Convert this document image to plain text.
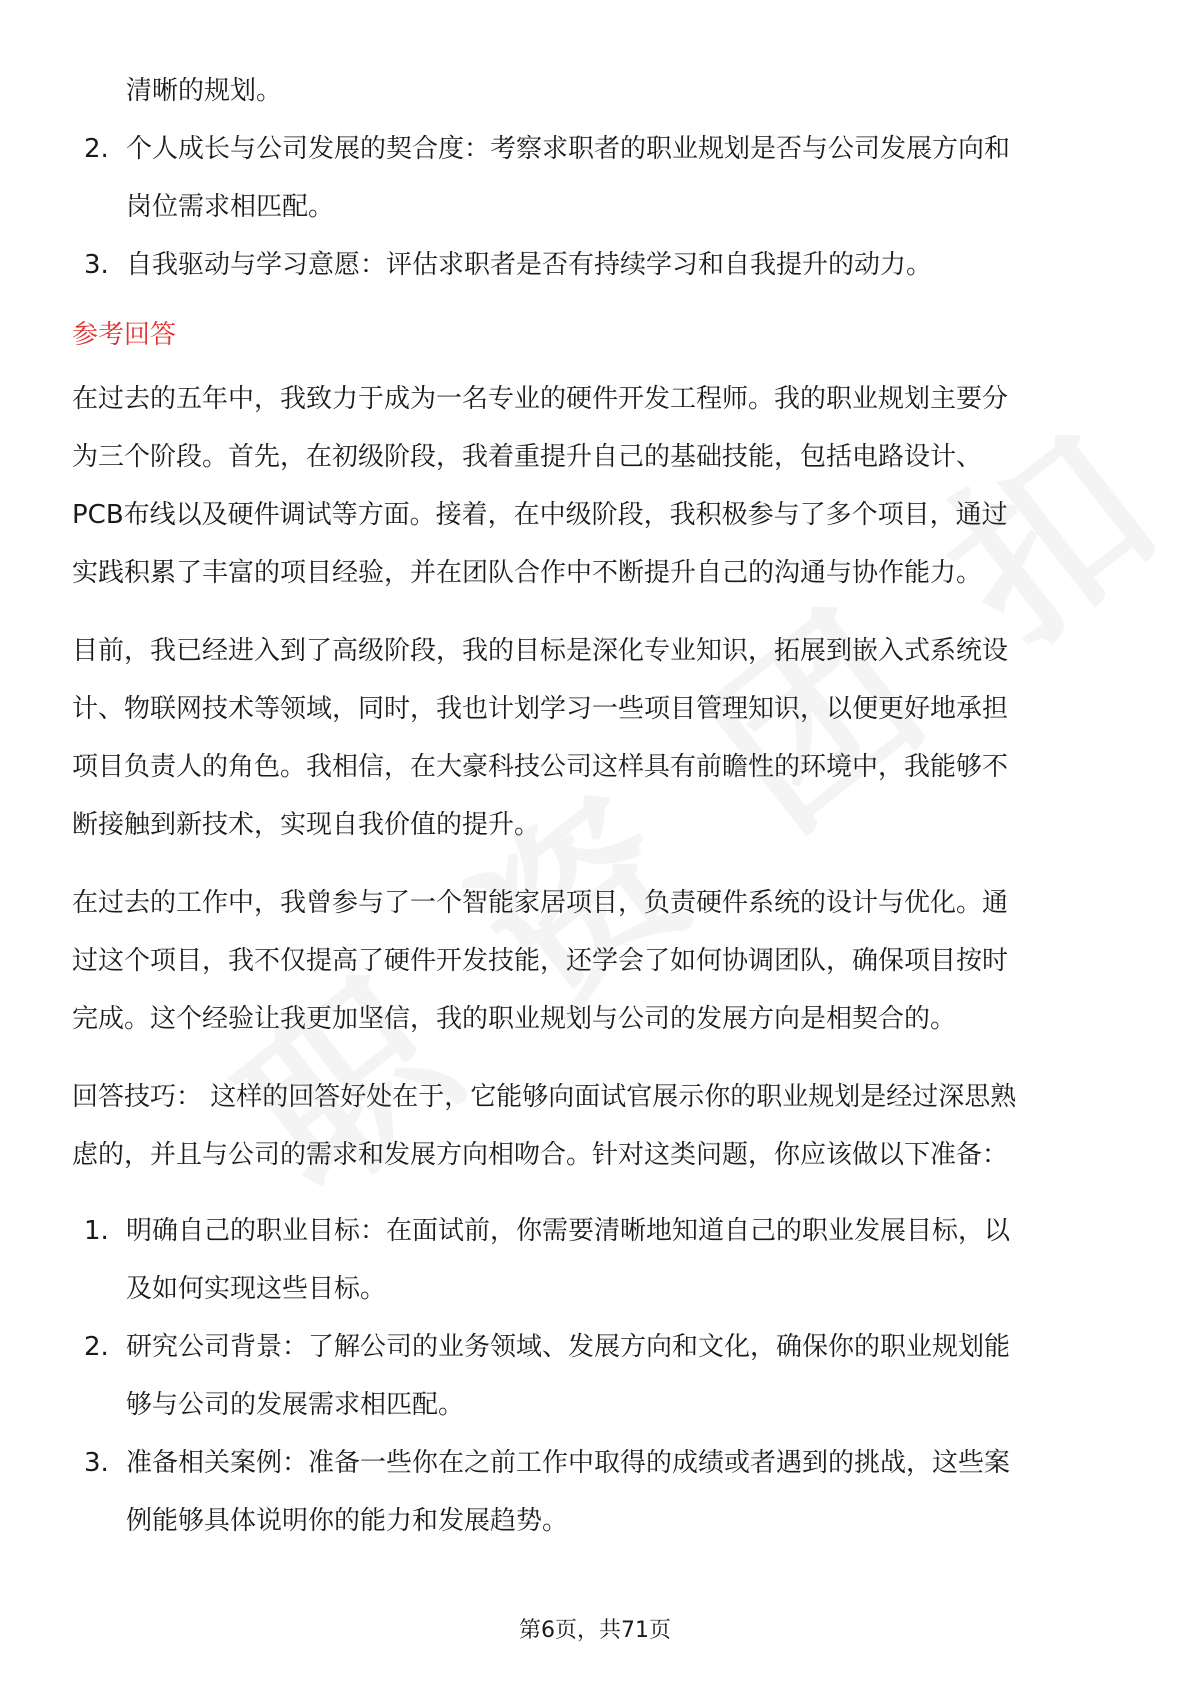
清晰的规划。
2. 个人成长与公司发展的契合度：考察求职者的职业规划是否与公司发展方向和
岗位需求相匹配。
3. 自我驱动与学习意愿：评估求职者是否有持续学习和自我提升的动力。
参考回答
在过去的五年中，我致力于成为一名专业的硬件开发工程师。我的职业规划主要分
为三个阶段。首先，在初级阶段，我着重提升自己的基础技能，包括电路设计、
PCB布线以及硬件调试等方面。接着，在中级阶段，我积极参与了多个项目，通过
实践积累了丰富的项目经验，并在团队合作中不断提升自己的沟通与协作能力。
目前，我已经进入到了高级阶段，我的目标是深化专业知识，拓展到嵌入式系统设
计、物联网技术等领域，同时，我也计划学习一些项目管理知识，以便更好地承担
项目负责人的角色。我相信，在大豪科技公司这样具有前瞻性的环境中，我能够不
断接触到新技术，实现自我价值的提升。
在过去的工作中，我曾参与了一个智能家居项目，负责硬件系统的设计与优化。通
过这个项目，我不仅提高了硬件开发技能，还学会了如何协调团队，确保项目按时
完成。这个经验让我更加坚信，我的职业规划与公司的发展方向是相契合的。
回答技巧： 这样的回答好处在于，它能够向面试官展示你的职业规划是经过深思熟
虑的，并且与公司的需求和发展方向相吻合。针对这类问题，你应该做以下准备：
1. 明确自己的职业目标：在面试前，你需要清晰地知道自己的职业发展目标，以
及如何实现这些目标。
2. 研究公司背景：了解公司的业务领域、发展方向和文化，确保你的职业规划能
够与公司的发展需求相匹配。
3. 准备相关案例：准备一些你在之前工作中取得的成绩或者遇到的挑战，这些案
例能够具体说明你的能力和发展趋势。
第6页，共71页
